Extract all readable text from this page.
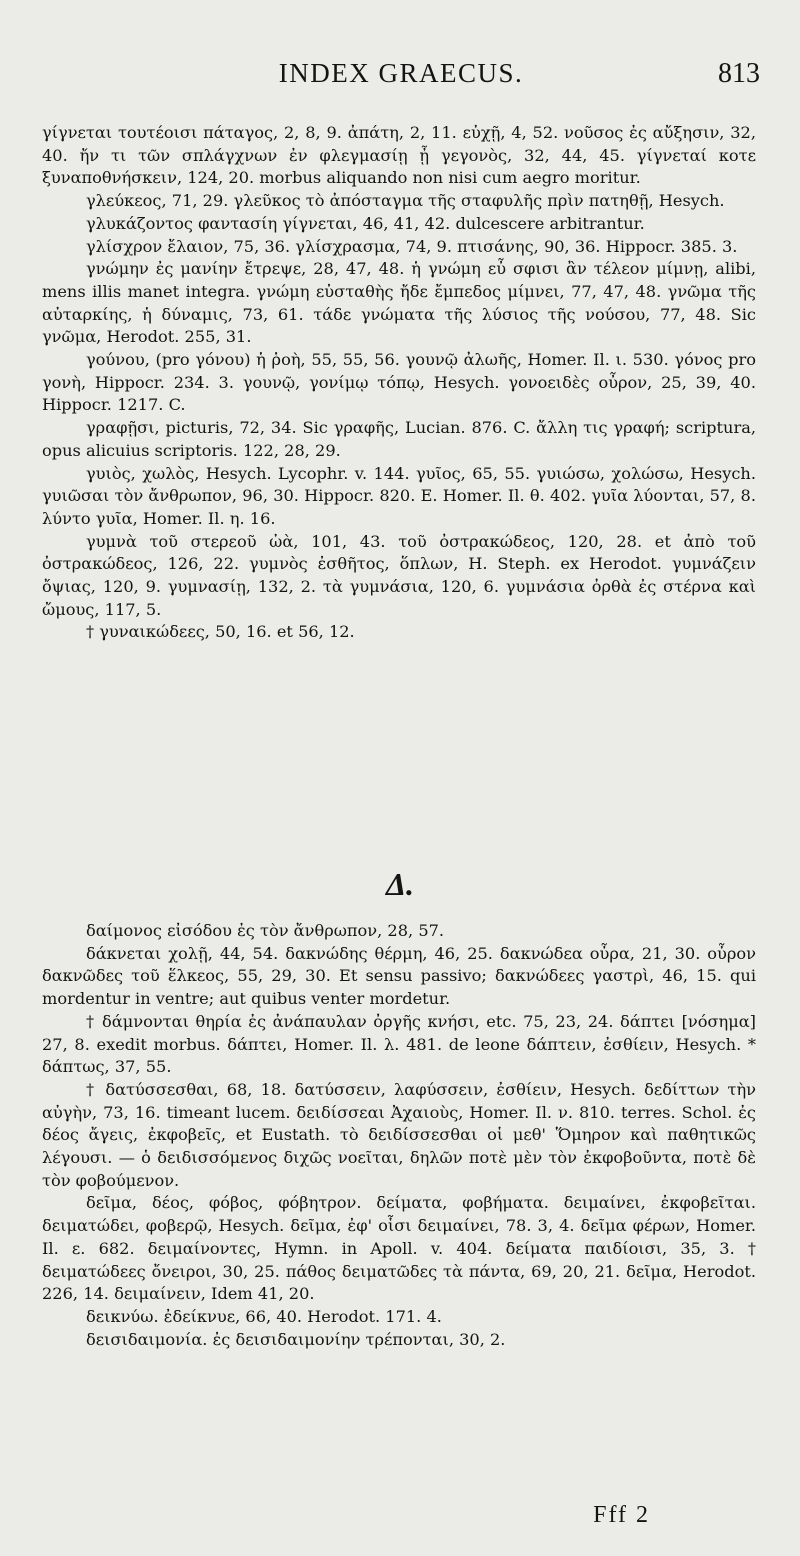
INDEX GRAECUS.	813

γίγνεται τουτέοισι πάταγος, 2, 8, 9. ἀπάτη, 2, 11. εὐχῇ, 4, 52. νοῦσος ἐς αὔξησιν, 32, 40. ἤν τι τῶν σπλάγχνων ἐν φλεγμασίῃ ᾖ γεγονὸς, 32, 44, 45. γίγνεταί κοτε ξυναποθνήσκειν, 124, 20. morbus aliquando non nisi cum aegro moritur.

γλεύκεος, 71, 29. γλεῦκος τὸ ἀπόσταγμα τῆς σταφυλῆς πρὶν πατηθῇ, Hesych.

γλυκάζοντος φαντασίη γίγνεται, 46, 41, 42. dulcescere arbitrantur.

γλίσχρον ἔλαιον, 75, 36. γλίσχρασμα, 74, 9. πτισάνης, 90, 36. Hippocr. 385. 3.

γνώμην ἐς μανίην ἔτρεψε, 28, 47, 48. ἡ γνώμη εὖ σφισι ἂν τέλεον μίμνῃ, alibi, mens illis manet integra. γνώμη εὐσταθὴς ἤδε ἔμπεδος μίμνει, 77, 47, 48. γνῶμα τῆς αὐταρκίης, ἡ δύναμις, 73, 61. τάδε γνώματα τῆς λύσιος τῆς νούσου, 77, 48. Sic γνῶμα, Herodot. 255, 31.

γούνου, (pro γόνου) ἡ ῥοὴ, 55, 55, 56. γουνῷ ἀλωῆς, Homer. Il. ι. 530. γόνος pro γονὴ, Hippocr. 234. 3. γουνῷ, γονίμῳ τόπῳ, Hesych. γονοειδὲς οὖρον, 25, 39, 40. Hippocr. 1217. C.

γραφῇσι, picturis, 72, 34. Sic γραφῆς, Lucian. 876. C. ἄλλη τις γραφή; scriptura, opus alicuius scriptoris. 122, 28, 29.

γυιὸς, χωλὸς, Hesych. Lycophr. v. 144. γυῖος, 65, 55. γυιώσω, χολώσω, Hesych. γυιῶσαι τὸν ἄνθρωπον, 96, 30. Hippocr. 820. E. Homer. Il. θ. 402. γυῖα λύονται, 57, 8. λύντο γυῖα, Homer. Il. η. 16.

γυμνὰ τοῦ στερεοῦ ὠὰ, 101, 43. τοῦ ὀστρακώδεος, 120, 28. et ἀπὸ τοῦ ὀστρακώδεος, 126, 22. γυμνὸς ἐσθῆτος, ὅπλων, H. Steph. ex Herodot. γυμνάζειν ὄψιας, 120, 9. γυμνασίῃ, 132, 2. τὰ γυμνάσια, 120, 6. γυμνάσια ὀρθὰ ἐς στέρνα καὶ ὤμους, 117, 5.

† γυναικώδεες, 50, 16. et 56, 12.

Δ.

δαίμονος εἰσόδου ἐς τὸν ἄνθρωπον, 28, 57.

δάκνεται χολῇ, 44, 54. δακνώδης θέρμη, 46, 25. δακνώδεα οὖρα, 21, 30. οὖρον δακνῶδες τοῦ ἕλκεος, 55, 29, 30. Et sensu passivo; δακνώδεες γαστρὶ, 46, 15. qui mordentur in ventre; aut quibus venter mordetur.

† δάμνονται θηρία ἐς ἀνάπαυλαν ὀργῆς κνήσι, etc. 75, 23, 24. δάπτει [νόσημα] 27, 8. exedit morbus. δάπτει, Homer. Il. λ. 481. de leone δάπτειν, ἐσθίειν, Hesych. * δάπτως, 37, 55.

† δατύσσεσθαι, 68, 18. δατύσσειν, λαφύσσειν, ἐσθίειν, Hesych. δεδίττων τὴν αὐγὴν, 73, 16. timeant lucem. δειδίσσεαι Ἀχαιοὺς, Homer. Il. ν. 810. terres. Schol. ἐς δέος ἄγεις, ἐκφοβεῖς, et Eustath. τὸ δειδίσσεσθαι οἱ μεθ' Ὅμηρον καὶ παθητικῶς λέγουσι. — ὁ δειδισσόμενος διχῶς νοεῖται, δηλῶν ποτὲ μὲν τὸν ἐκφοβοῦντα, ποτὲ δὲ τὸν φοβούμενον.

δεῖμα, δέος, φόβος, φόβητρον. δείματα, φοβήματα. δειμαίνει, ἐκφοβεῖται. δειματώδει, φοβερῷ, Hesych. δεῖμα, ἐφ' οἷσι δειμαίνει, 78. 3, 4. δεῖμα φέρων, Homer. Il. ε. 682. δειμαίνοντες, Hymn. in Apoll. v. 404. δείματα παιδίοισι, 35, 3. † δειματώδεες ὄνειροι, 30, 25. πάθος δειματῶδες τὰ πάντα, 69, 20, 21. δεῖμα, Herodot. 226, 14. δειμαίνειν, Idem 41, 20.

δεικνύω. ἐδείκνυε, 66, 40. Herodot. 171. 4.

δεισιδαιμονία. ἐς δεισιδαιμονίην τρέπονται, 30, 2.

Fff 2
